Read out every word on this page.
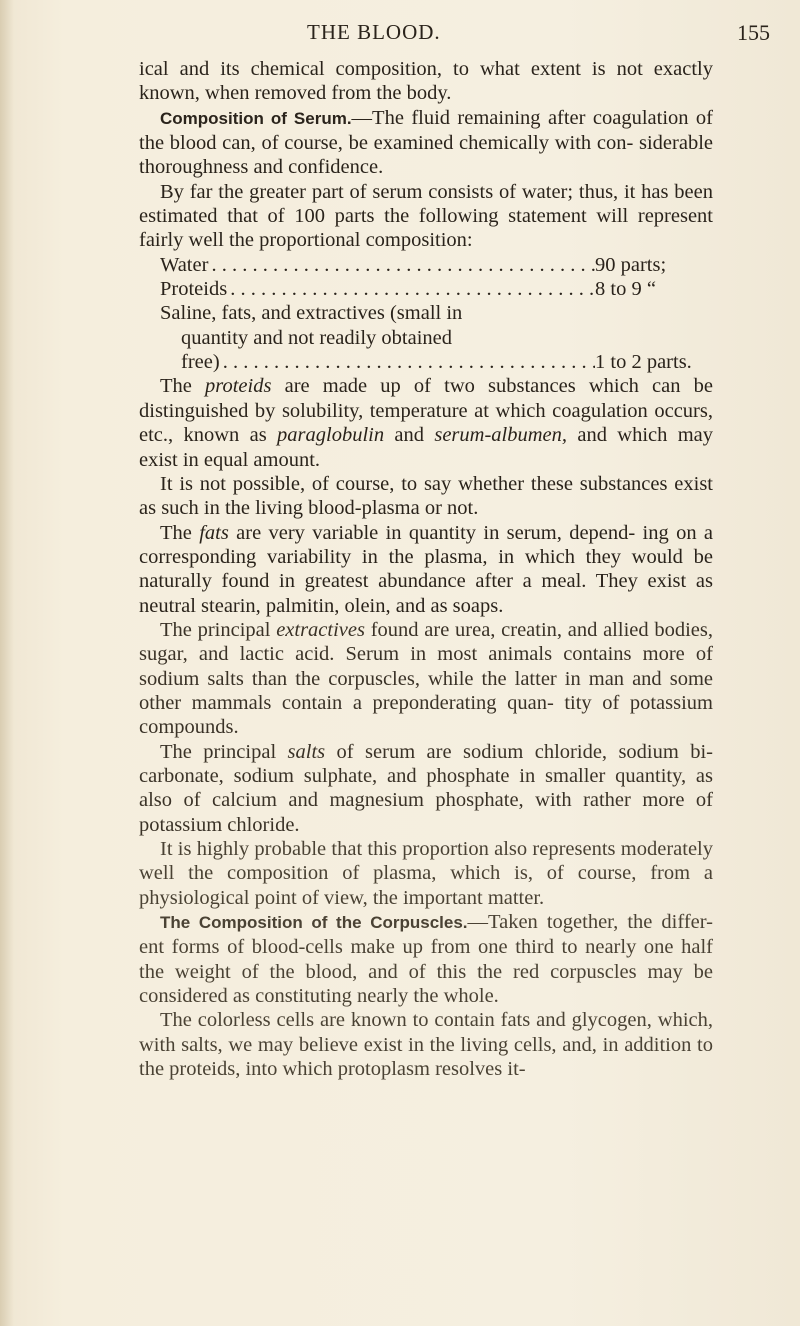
THE BLOOD.	155

ical and its chemical composition, to what extent is not exactly known, when removed from the body.

Composition of Serum.—The fluid remaining after coagulation of the blood can, of course, be examined chemically with con- siderable thoroughness and confidence.

By far the greater part of serum consists of water; thus, it has been estimated that of 100 parts the following statement will represent fairly well the proportional composition:

Water . . .	90 parts;
Proteids . . .	8 to 9 “
Saline, fats, and extractives (small in
quantity and not readily obtained
free) . . .	1 to 2 parts.

The proteids are made up of two substances which can be distinguished by solubility, temperature at which coagulation occurs, etc., known as paraglobulin and serum-albumen, and which may exist in equal amount.

It is not possible, of course, to say whether these substances exist as such in the living blood-plasma or not.

The fats are very variable in quantity in serum, depend- ing on a corresponding variability in the plasma, in which they would be naturally found in greatest abundance after a meal. They exist as neutral stearin, palmitin, olein, and as soaps.

The principal extractives found are urea, creatin, and allied bodies, sugar, and lactic acid. Serum in most animals contains more of sodium salts than the corpuscles, while the latter in man and some other mammals contain a preponderating quan- tity of potassium compounds.

The principal salts of serum are sodium chloride, sodium bi- carbonate, sodium sulphate, and phosphate in smaller quantity, as also of calcium and magnesium phosphate, with rather more of potassium chloride.

It is highly probable that this proportion also represents moderately well the composition of plasma, which is, of course, from a physiological point of view, the important matter.

The Composition of the Corpuscles.—Taken together, the differ- ent forms of blood-cells make up from one third to nearly one half the weight of the blood, and of this the red corpuscles may be considered as constituting nearly the whole.

The colorless cells are known to contain fats and glycogen, which, with salts, we may believe exist in the living cells, and, in addition to the proteids, into which protoplasm resolves it-
